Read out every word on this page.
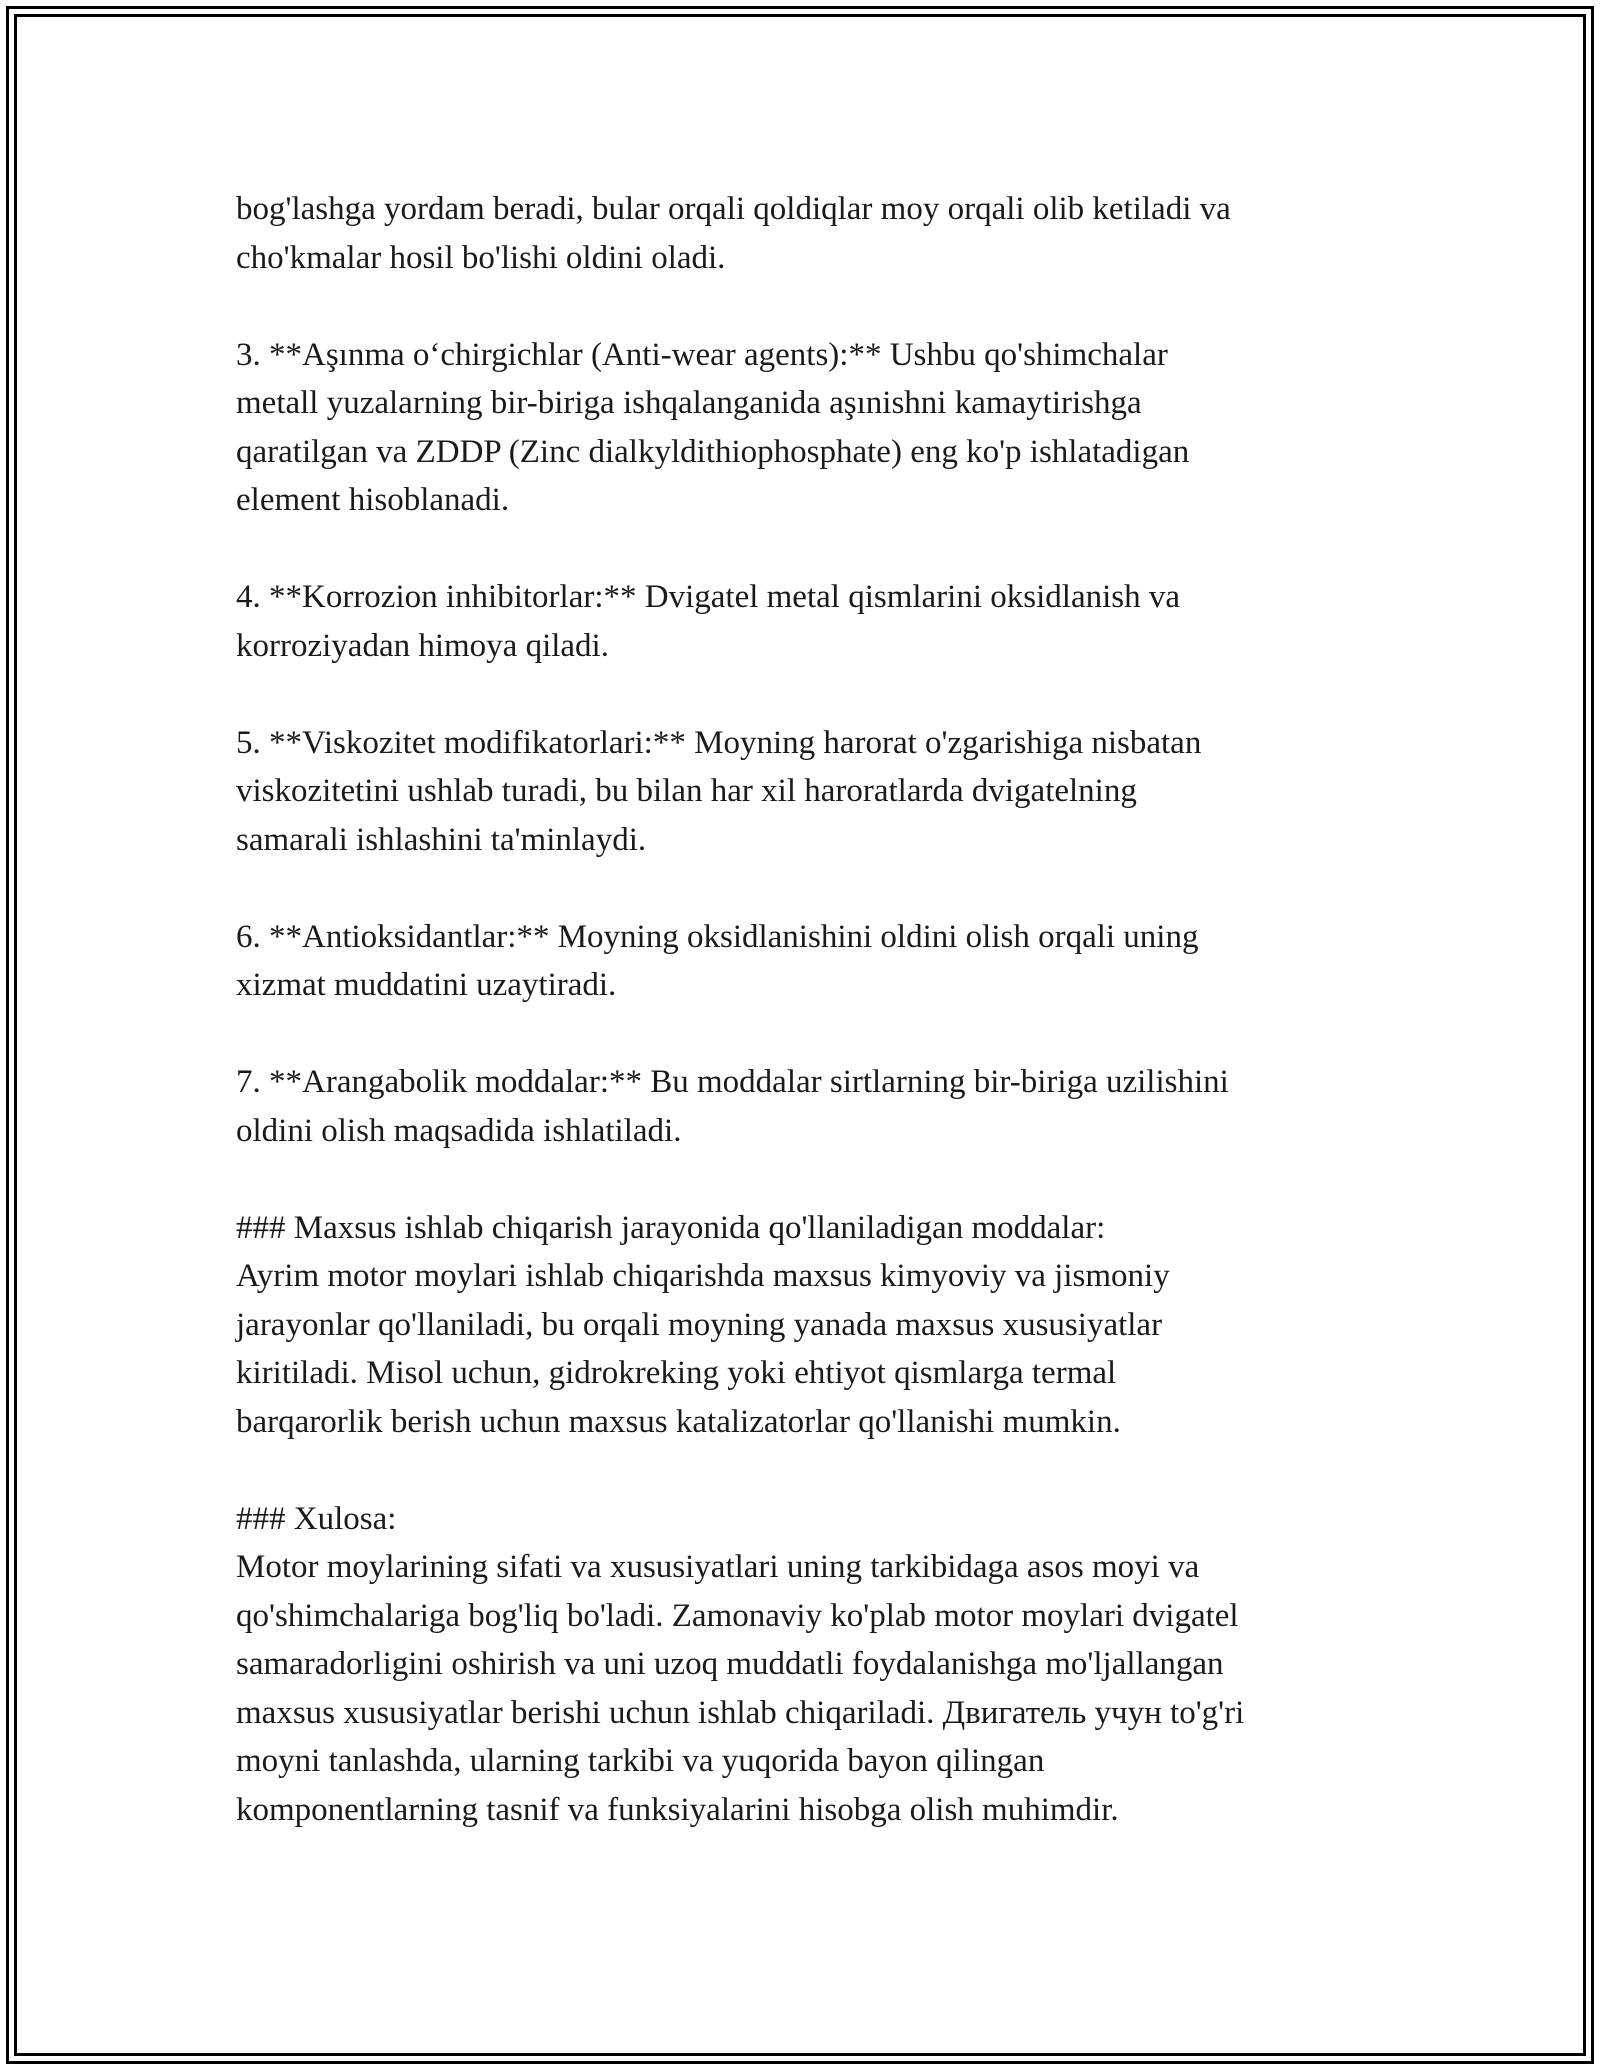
bog'lashga yordam beradi, bular orqali qoldiqlar moy orqali olib ketiladi va
cho'kmalar hosil bo'lishi oldini oladi.
3. **Aşınma o‘chirgichlar (Anti-wear agents):** Ushbu qo'shimchalar
metall yuzalarning bir-biriga ishqalanganida aşınishni kamaytirishga
qaratilgan va ZDDP (Zinc dialkyldithiophosphate) eng ko'p ishlatadigan
element hisoblanadi.
4. **Korrozion inhibitorlar:** Dvigatel metal qismlarini oksidlanish va
korroziyadan himoya qiladi.
5. **Viskozitet modifikatorlari:** Moyning harorat o'zgarishiga nisbatan
viskozitetini ushlab turadi, bu bilan har xil haroratlarda dvigatelning
samarali ishlashini ta'minlaydi.
6. **Antioksidantlar:** Moyning oksidlanishini oldini olish orqali uning
xizmat muddatini uzaytiradi.
7. **Arangabolik moddalar:** Bu moddalar sirtlarning bir-biriga uzilishini
oldini olish maqsadida ishlatiladi.
### Maxsus ishlab chiqarish jarayonida qo'llaniladigan moddalar:
Ayrim motor moylari ishlab chiqarishda maxsus kimyoviy va jismoniy
jarayonlar qo'llaniladi, bu orqali moyning yanada maxsus xususiyatlar
kiritiladi. Misol uchun, gidrokreking yoki ehtiyot qismlarga termal
barqarorlik berish uchun maxsus katalizatorlar qo'llanishi mumkin.
### Xulosa:
Motor moylarining sifati va xususiyatlari uning tarkibidaga asos moyi va
qo'shimchalariga bog'liq bo'ladi. Zamonaviy ko'plab motor moylari dvigatel
samaradorligini oshirish va uni uzoq muddatli foydalanishga mo'ljallangan
maxsus xususiyatlar berishi uchun ishlab chiqariladi. Двигатель учун to'g'ri
moyni tanlashda, ularning tarkibi va yuqorida bayon qilingan
komponentlarning tasnif va funksiyalarini hisobga olish muhimdir.
